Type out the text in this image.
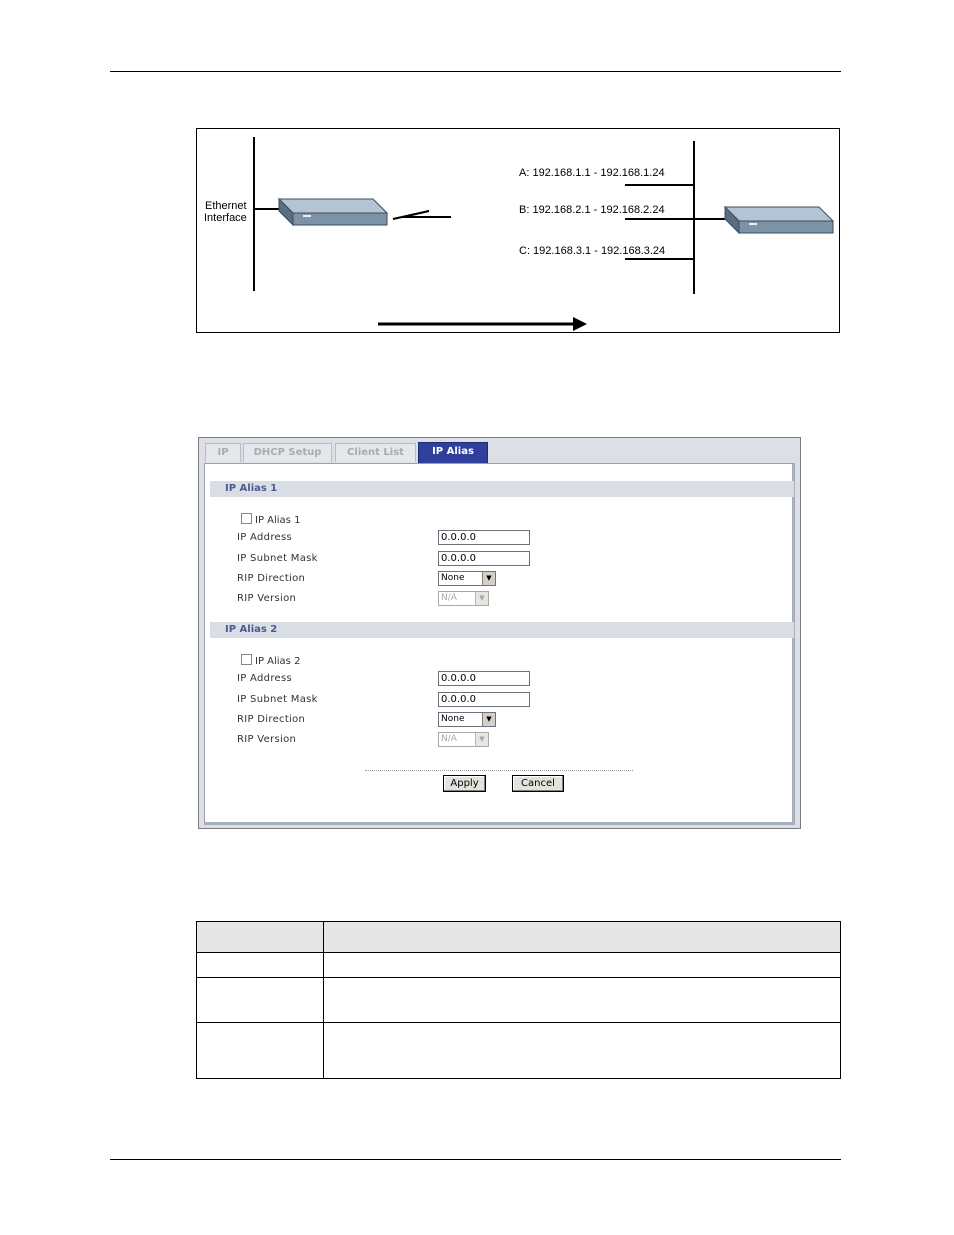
Ethernet
Interface
A: 192.168.1.1 - 192.168.1.24
B: 192.168.2.1 - 192.168.2.24
C: 192.168.3.1 - 192.168.3.24
IP	DHCP Setup	Client List	IP Alias
IP Alias 1
IP Alias 1
IP Address	0.0.0.0
IP Subnet Mask	0.0.0.0
RIP Direction	None	▼
RIP Version	N/A	▼
IP Alias 2
IP Alias 2
IP Address	0.0.0.0
IP Subnet Mask	0.0.0.0
RIP Direction	None	▼
RIP Version	N/A	▼
Apply	Cancel
